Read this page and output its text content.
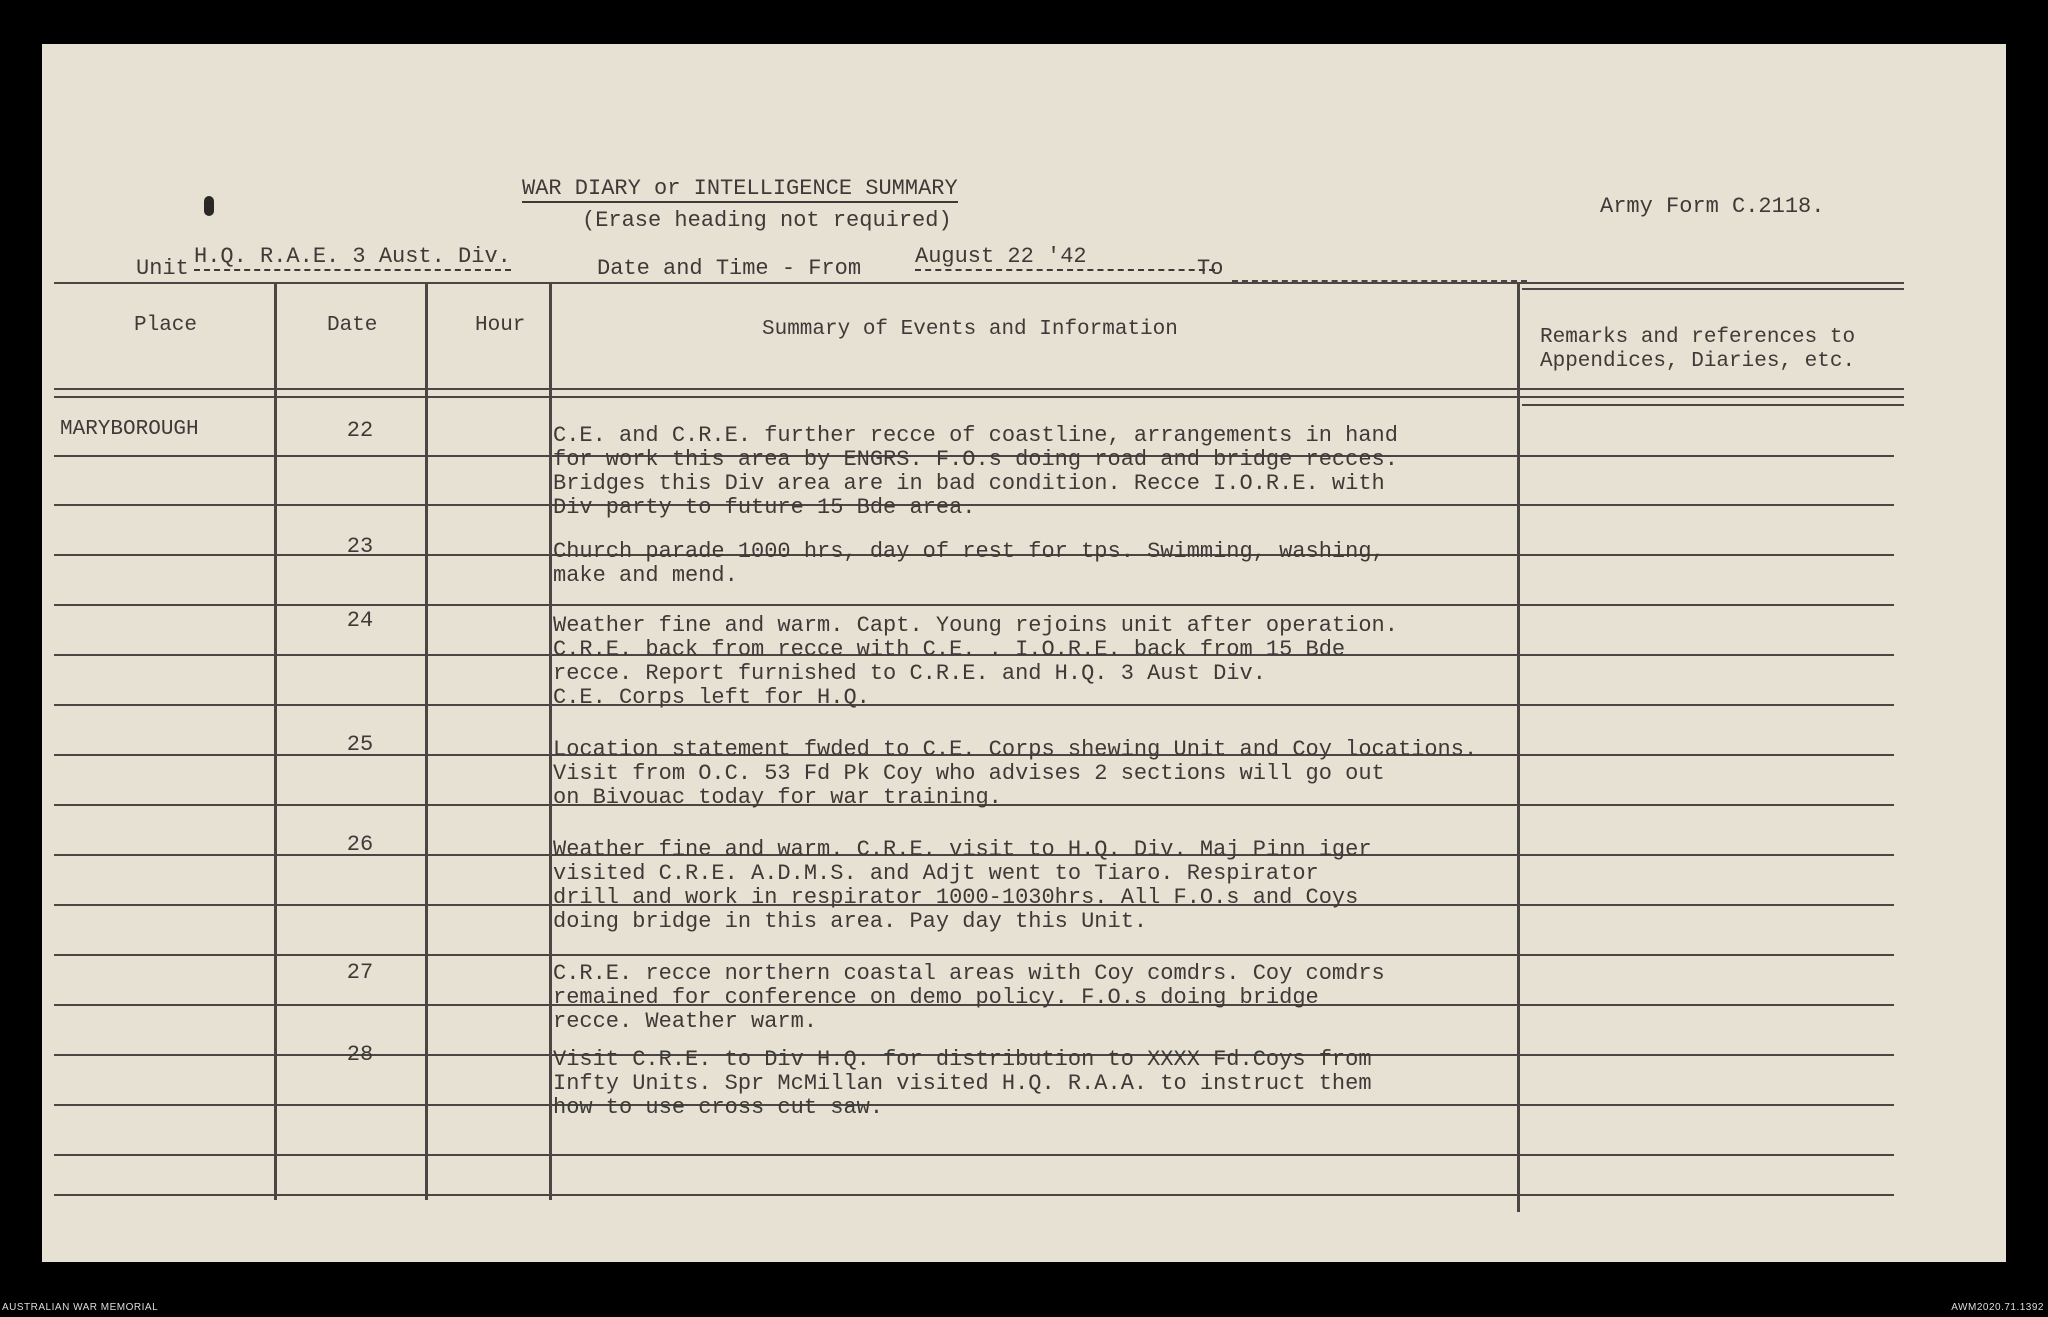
WAR DIARY or INTELLIGENCE SUMMARY
(Erase heading not required)
Army Form C.2118.
Unit H.Q. R.A.E. 3 Aust. Div.	Date and Time - From August 22 '42	To
Place	Date	Hour	Summary of Events and Information	Remarks and references to Appendices, Diaries, etc.
MARYBOROUGH	22	C.E. and C.R.E. further recce of coastline, arrangements in hand
for work this area by ENGRS. F.O.s doing road and bridge recces.
Bridges this Div area are in bad condition. Recce I.O.R.E. with
Div party to future 15 Bde area.
23	Church parade 1000 hrs, day of rest for tps. Swimming, washing,
make and mend.
24	Weather fine and warm. Capt. Young rejoins unit after operation.
C.R.E. back from recce with C.E. . I.O.R.E. back from 15 Bde
recce. Report furnished to C.R.E. and H.Q. 3 Aust Div.
C.E. Corps left for H.Q.
25	Location statement fwded to C.E. Corps shewing Unit and Coy locations.
Visit from O.C. 53 Fd Pk Coy who advises 2 sections will go out
on Bivouac today for war training.
26	Weather fine and warm. C.R.E. visit to H.Q. Div. Maj Pinn iger
visited C.R.E. A.D.M.S. and Adjt went to Tiaro. Respirator
drill and work in respirator 1000-1030hrs. All F.O.s and Coys
doing bridge in this area. Pay day this Unit.
27	C.R.E. recce northern coastal areas with Coy comdrs. Coy comdrs
remained for conference on demo policy. F.O.s doing bridge
recce. Weather warm.
28	Visit C.R.E. to Div H.Q. for distribution to XXXX Fd.Coys from
Infty Units. Spr McMillan visited H.Q. R.A.A. to instruct them
how to use cross cut saw.
AUSTRALIAN WAR MEMORIAL	AWM2020.71.1392
